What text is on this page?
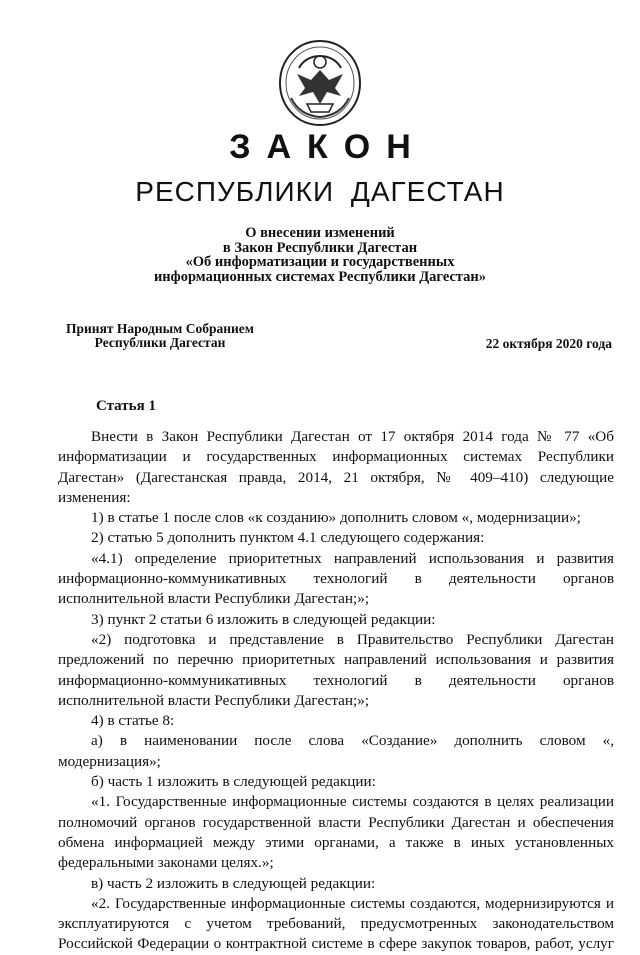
ЗАКОН
РЕСПУБЛИКИ ДАГЕСТАН
О внесении изменений
в Закон Республики Дагестан
«Об информатизации и государственных
информационных системах Республики Дагестан»
Принят Народным Собранием
Республики Дагестан	22 октября 2020 года
Статья 1

Внести в Закон Республики Дагестан от 17 октября 2014 года № 77 «Об информатизации и государственных информационных системах Республики Дагестан» (Дагестанская правда, 2014, 21 октября, № 409–410) следующие изменения:

1) в статье 1 после слов «к созданию» дополнить словом «, модернизации»;

2) статью 5 дополнить пунктом 4.1 следующего содержания:

«4.1) определение приоритетных направлений использования и развития информационно-коммуникативных технологий в деятельности органов исполнительной власти Республики Дагестан;»;

3) пункт 2 статьи 6 изложить в следующей редакции:

«2) подготовка и представление в Правительство Республики Дагестан предложений по перечню приоритетных направлений использования и развития информационно-коммуникативных технологий в деятельности органов исполнительной власти Республики Дагестан;»;

4) в статье 8:

а) в наименовании после слова «Создание» дополнить словом «, модернизация»;

б) часть 1 изложить в следующей редакции:

«1. Государственные информационные системы создаются в целях реализации полномочий органов государственной власти Республики Дагестан и обеспечения обмена информацией между этими органами, а также в иных установленных федеральными законами целях.»;

в) часть 2 изложить в следующей редакции:

«2. Государственные информационные системы создаются, модернизируются и эксплуатируются с учетом требований, предусмотренных законодательством Российской Федерации о контрактной системе в сфере закупок товаров, работ, услуг
